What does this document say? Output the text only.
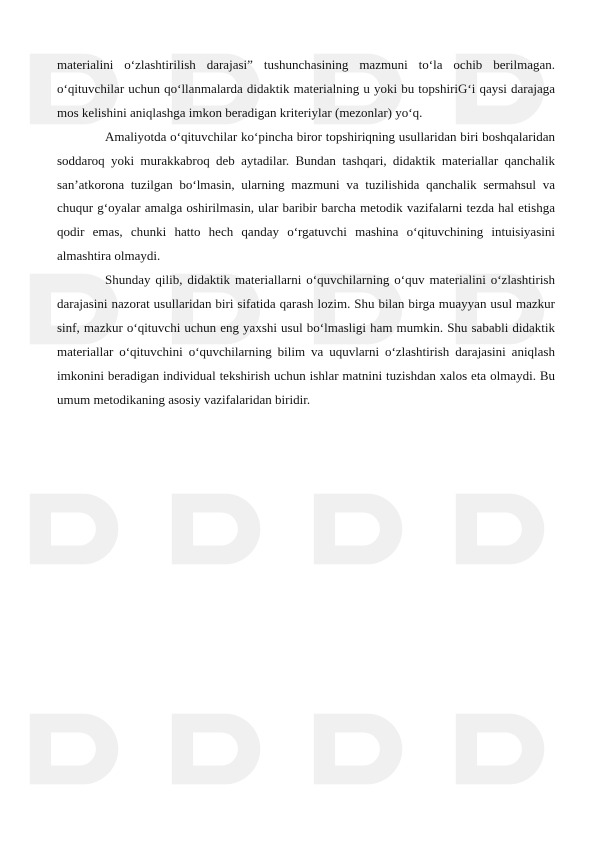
materialini o‘zlashtirilish darajasi” tushunchasining mazmuni to‘la ochib berilmagan. o‘qituvchilar uchun qo‘llanmalarda didaktik materialning u yoki bu topshiriG‘i qaysi darajaga mos kelishini aniqlashga imkon beradigan kriteriylar (mezonlar) yo‘q.

Amaliyotda o‘qituvchilar ko‘pincha biror topshiriqning usullaridan biri boshqalaridan soddaroq yoki murakkabroq deb aytadilar. Bundan tashqari, didaktik materiallar qanchalik san’atkorona tuzilgan bo‘lmasin, ularning mazmuni va tuzilishida qanchalik sermahsul va chuqur g‘oyalar amalga oshirilmasin, ular baribir barcha metodik vazifalarni tezda hal etishga qodir emas, chunki hatto hech qanday o‘rgatuvchi mashina o‘qituvchining intuisiyasini almashtira olmaydi.

Shunday qilib, didaktik materiallarni o‘quvchilarning o‘quv materialini o‘zlashtirish darajasini nazorat usullaridan biri sifatida qarash lozim. Shu bilan birga muayyan usul mazkur sinf, mazkur o‘qituvchi uchun eng yaxshi usul bo‘lmasligi ham mumkin. Shu sababli didaktik materiallar o‘qituvchini o‘quvchilarning bilim va uquvlarni o‘zlashtirish darajasini aniqlash imkonini beradigan individual tekshirish uchun ishlar matnini tuzishdan xalos eta olmaydi. Bu umum metodikaning asosiy vazifalaridan biridir.
